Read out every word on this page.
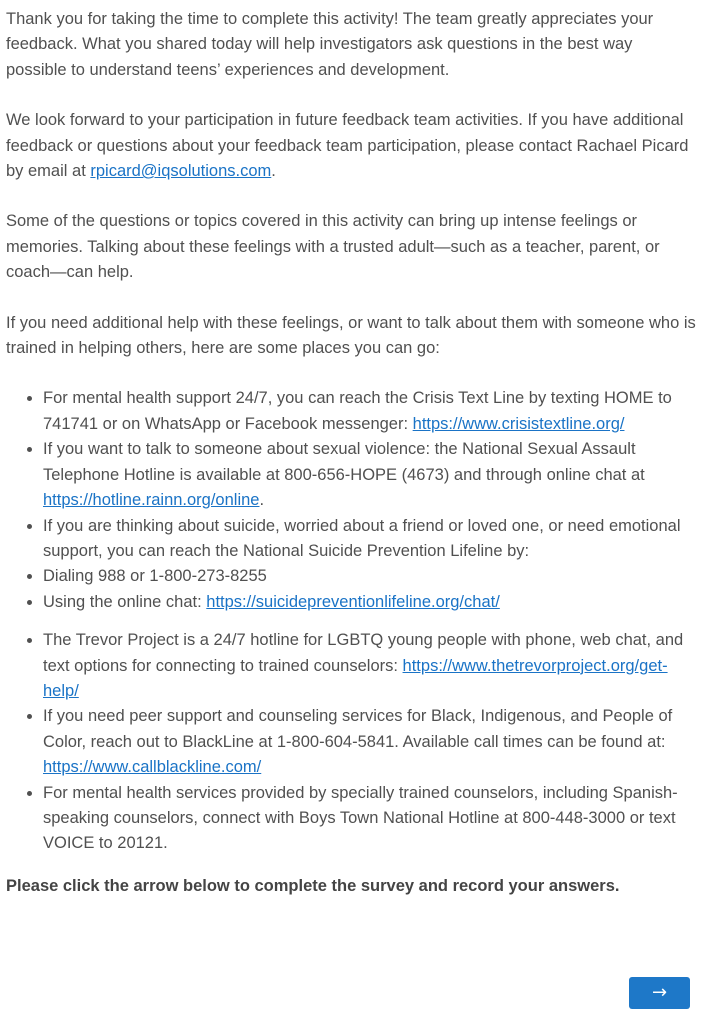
Thank you for taking the time to complete this activity! The team greatly appreciates your feedback. What you shared today will help investigators ask questions in the best way possible to understand teens’ experiences and development.

We look forward to your participation in future feedback team activities. If you have additional feedback or questions about your feedback team participation, please contact Rachael Picard by email at rpicard@iqsolutions.com.

Some of the questions or topics covered in this activity can bring up intense feelings or memories. Talking about these feelings with a trusted adult—such as a teacher, parent, or coach—can help.

If you need additional help with these feelings, or want to talk about them with someone who is trained in helping others, here are some places you can go:

• For mental health support 24/7, you can reach the Crisis Text Line by texting HOME to 741741 or on WhatsApp or Facebook messenger: https://www.crisistextline.org/
• If you want to talk to someone about sexual violence: the National Sexual Assault Telephone Hotline is available at 800-656-HOPE (4673) and through online chat at https://hotline.rainn.org/online.
• If you are thinking about suicide, worried about a friend or loved one, or need emotional support, you can reach the National Suicide Prevention Lifeline by:
• Dialing 988 or 1-800-273-8255
• Using the online chat: https://suicidepreventionlifeline.org/chat/
• The Trevor Project is a 24/7 hotline for LGBTQ young people with phone, web chat, and text options for connecting to trained counselors: https://www.thetrevorproject.org/get-help/
• If you need peer support and counseling services for Black, Indigenous, and People of Color, reach out to BlackLine at 1-800-604-5841. Available call times can be found at: https://www.callblackline.com/
• For mental health services provided by specially trained counselors, including Spanish-speaking counselors, connect with Boys Town National Hotline at 800-448-3000 or text VOICE to 20121.

Please click the arrow below to complete the survey and record your answers.

→
